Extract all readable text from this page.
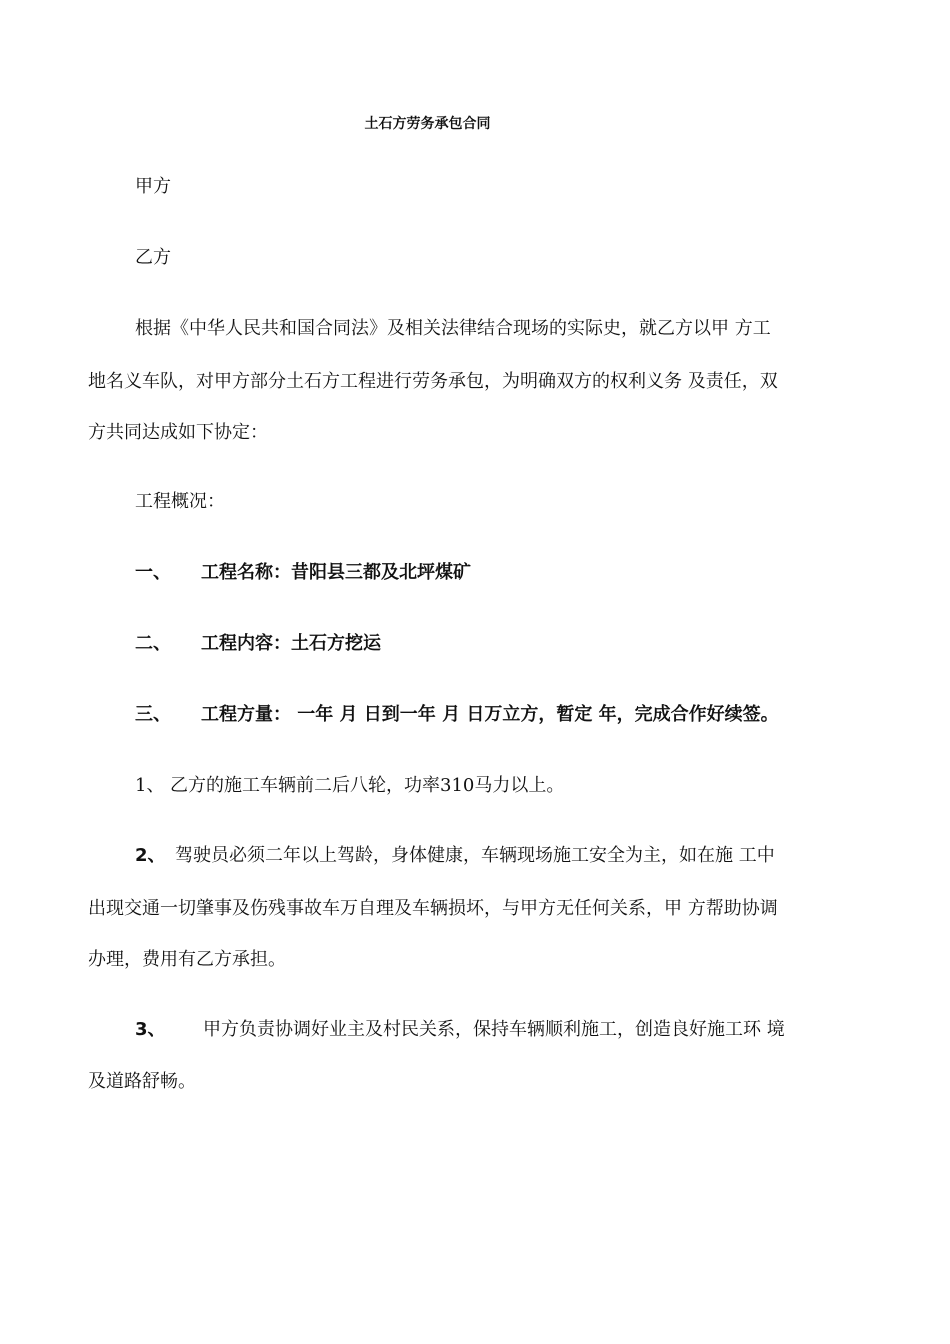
土石方劳务承包合同
甲方
乙方
根据《中华人民共和国合同法》及相关法律结合现场的实际史，就乙方以甲 方工
地名义车队，对甲方部分土石方工程进行劳务承包，为明确双方的权利义务 及责任，双
方共同达成如下协定：
工程概况：
一、 工程名称：昔阳县三都及北坪煤矿
二、 工程内容：土石方挖运
三、 工程方量： 一年 月 日到一年 月 日万立方，暂定 年，完成合作好续签。
1、 乙方的施工车辆前二后八轮，功率310马力以上。
2、 驾驶员必须二年以上驾龄，身体健康，车辆现场施工安全为主，如在施 工中
出现交通一切肇事及伤残事故车万自理及车辆损坏，与甲方无任何关系，甲 方帮助协调
办理，费用有乙方承担。
3、 甲方负责协调好业主及村民关系，保持车辆顺利施工，创造良好施工环 境
及道路舒畅。
